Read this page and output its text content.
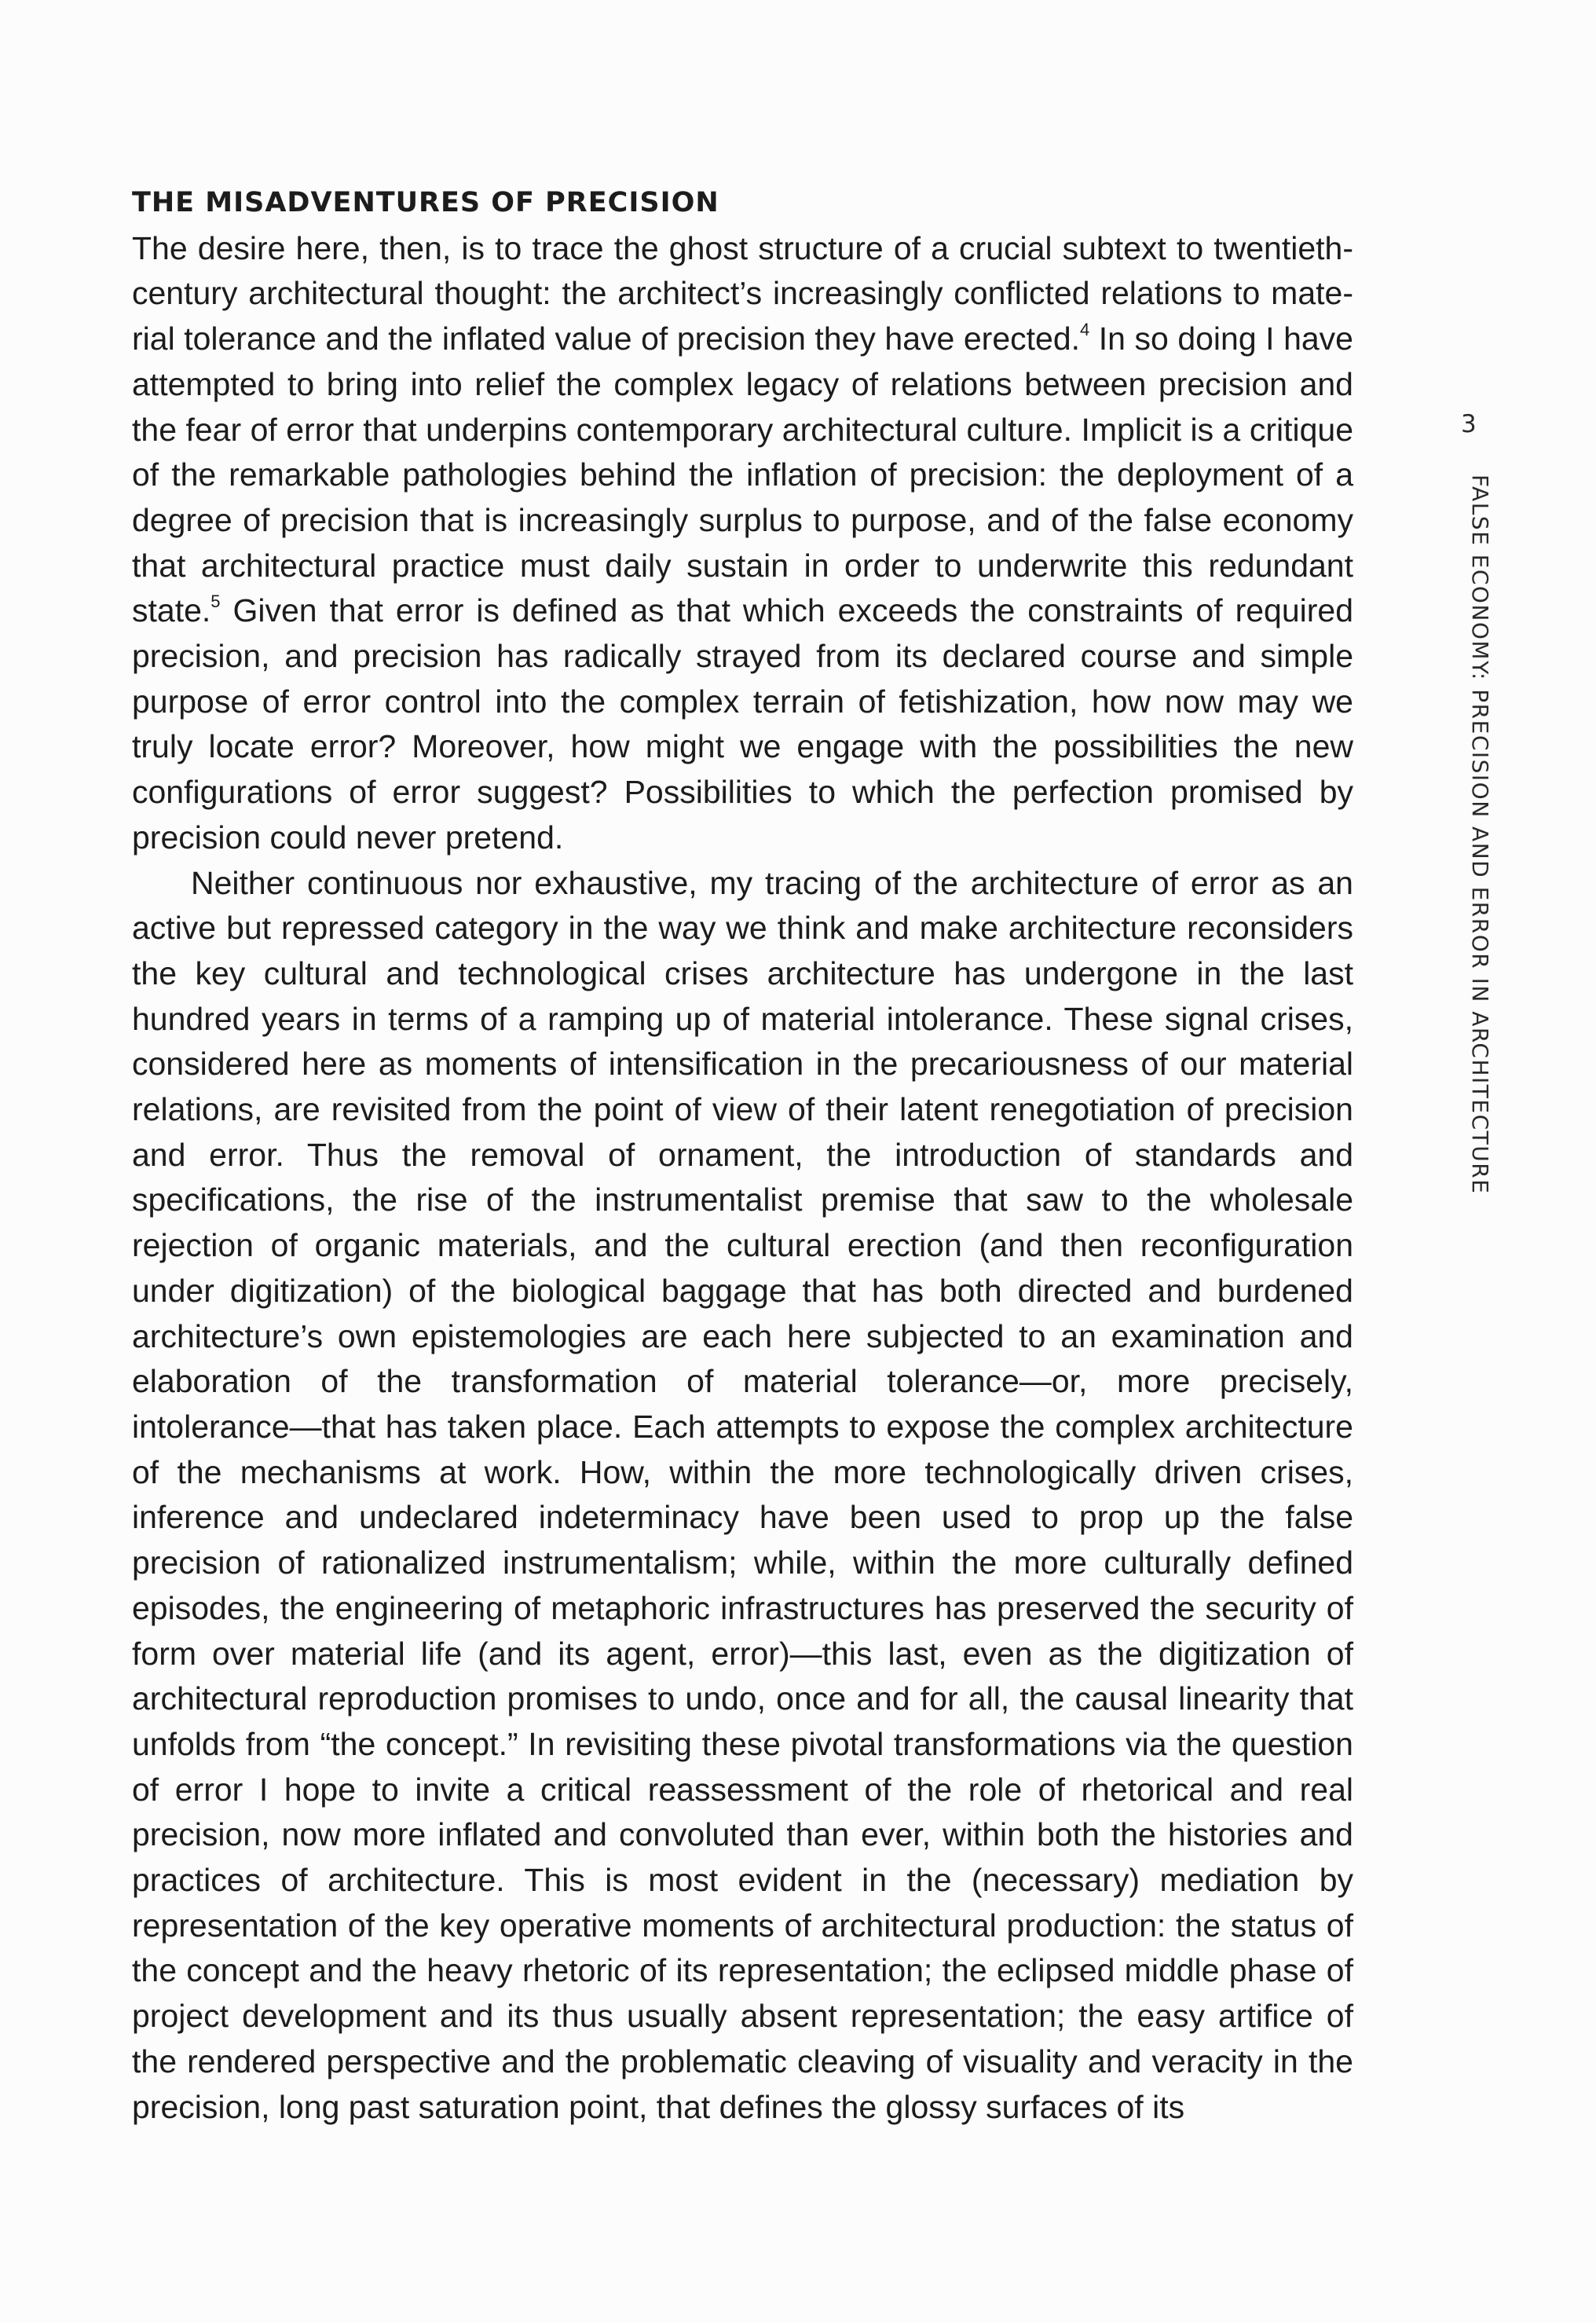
THE MISADVENTURES OF PRECISION

The desire here, then, is to trace the ghost structure of a crucial subtext to twentieth-century architectural thought: the architect’s increasingly conflicted relations to material tolerance and the inflated value of precision they have erected.$^4$ In so doing I have attempted to bring into relief the complex legacy of relations between precision and the fear of error that underpins contemporary architectural culture. Implicit is a critique of the remarkable pathologies behind the inflation of precision: the deployment of a degree of precision that is increasingly surplus to purpose, and of the false economy that architectural practice must daily sustain in order to underwrite this redundant state.$^5$ Given that error is defined as that which exceeds the constraints of required precision, and precision has radically strayed from its declared course and simple purpose of error control into the complex terrain of fetishization, how now may we truly locate error? Moreover, how might we engage with the possibilities the new configurations of error suggest? Possibilities to which the perfection promised by precision could never pretend.

Neither continuous nor exhaustive, my tracing of the architecture of error as an active but repressed category in the way we think and make architecture reconsiders the key cultural and technological crises architecture has undergone in the last hundred years in terms of a ramping up of material intolerance. These signal crises, considered here as moments of intensification in the precariousness of our material relations, are revisited from the point of view of their latent renegotiation of precision and error. Thus the removal of ornament, the introduction of standards and specifications, the rise of the instrumentalist premise that saw to the wholesale rejection of organic materials, and the cultural erection (and then reconfiguration under digitization) of the biological baggage that has both directed and burdened architecture’s own epistemologies are each here subjected to an examination and elaboration of the transformation of material tolerance—or, more precisely, intolerance—that has taken place. Each attempts to expose the complex architecture of the mechanisms at work. How, within the more technologically driven crises, inference and undeclared indeterminacy have been used to prop up the false precision of rationalized instrumentalism; while, within the more culturally defined episodes, the engineering of metaphoric infrastructures has preserved the security of form over material life (and its agent, error)—this last, even as the digitization of architectural reproduction promises to undo, once and for all, the causal linearity that unfolds from “the concept.” In revisiting these pivotal transformations via the question of error I hope to invite a critical reassessment of the role of rhetorical and real precision, now more inflated and convoluted than ever, within both the histories and practices of architecture. This is most evident in the (necessary) mediation by representation of the key operative moments of architectural production: the status of the concept and the heavy rhetoric of its representation; the eclipsed middle phase of project development and its thus usually absent representation; the easy artifice of the rendered perspective and the problematic cleaving of visuality and veracity in the precision, long past saturation point, that defines the glossy surfaces of its

3
FALSE ECONOMY: PRECISION AND ERROR IN ARCHITECTURE
